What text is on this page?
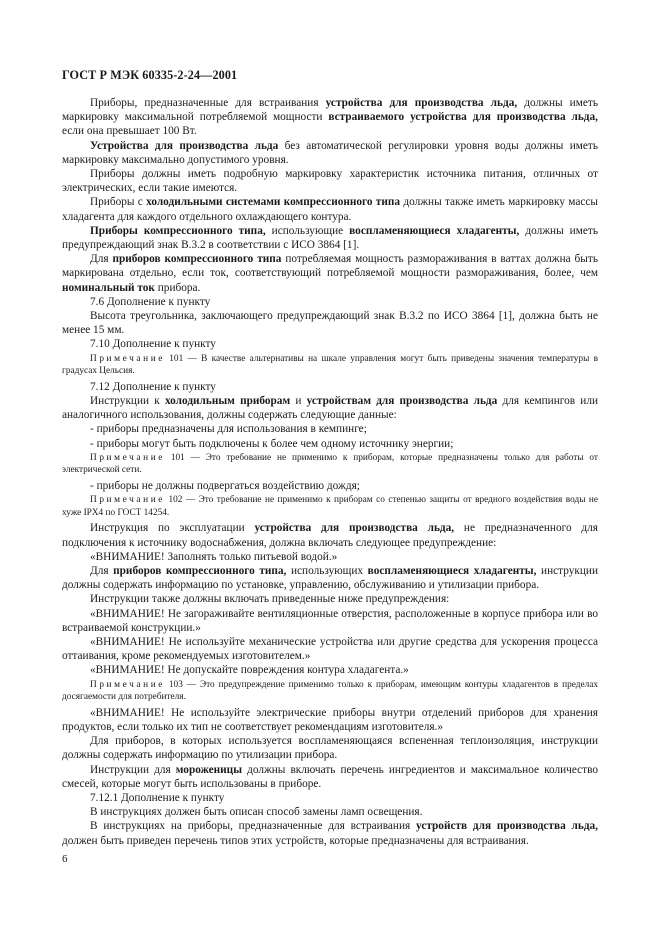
ГОСТ Р МЭК 60335-2-24—2001

Приборы, предназначенные для встраивания устройства для производства льда, должны иметь маркировку максимальной потребляемой мощности встраиваемого устройства для производства льда, если она превышает 100 Вт.

Устройства для производства льда без автоматической регулировки уровня воды должны иметь маркировку максимально допустимого уровня.

Приборы должны иметь подробную маркировку характеристик источника питания, отличных от электрических, если такие имеются.

Приборы с холодильными системами компрессионного типа должны также иметь маркировку массы хладагента для каждого отдельного охлаждающего контура.

Приборы компрессионного типа, использующие воспламеняющиеся хладагенты, должны иметь предупреждающий знак В.3.2 в соответствии с ИСО 3864 [1].

Для приборов компрессионного типа потребляемая мощность размораживания в ваттах должна быть маркирована отдельно, если ток, соответствующий потребляемой мощности размораживания, более, чем номинальный ток прибора.

7.6 Дополнение к пункту

Высота треугольника, заключающего предупреждающий знак В.3.2 по ИСО 3864 [1], должна быть не менее 15 мм.

7.10 Дополнение к пункту

Примечание 101 — В качестве альтернативы на шкале управления могут быть приведены значения температуры в градусах Цельсия.

7.12 Дополнение к пункту

Инструкции к холодильным приборам и устройствам для производства льда для кемпингов или аналогичного использования, должны содержать следующие данные:

- приборы предназначены для использования в кемпинге;

- приборы могут быть подключены к более чем одному источнику энергии;

Примечание 101 — Это требование не применимо к приборам, которые предназначены только для работы от электрической сети.

- приборы не должны подвергаться воздействию дождя;

Примечание 102 — Это требование не применимо к приборам со степенью защиты от вредного воздействия воды не хуже IPX4 по ГОСТ 14254.

Инструкция по эксплуатации устройства для производства льда, не предназначенного для подключения к источнику водоснабжения, должна включать следующее предупреждение:

«ВНИМАНИЕ! Заполнять только питьевой водой.»

Для приборов компрессионного типа, использующих воспламеняющиеся хладагенты, инструкции должны содержать информацию по установке, управлению, обслуживанию и утилизации прибора.

Инструкции также должны включать приведенные ниже предупреждения:

«ВНИМАНИЕ! Не загораживайте вентиляционные отверстия, расположенные в корпусе прибора или во встраиваемой конструкции.»

«ВНИМАНИЕ! Не используйте механические устройства или другие средства для ускорения процесса оттаивания, кроме рекомендуемых изготовителем.»

«ВНИМАНИЕ! Не допускайте повреждения контура хладагента.»

Примечание 103 — Это предупреждение применимо только к приборам, имеющим контуры хладагентов в пределах досягаемости для потребителя.

«ВНИМАНИЕ! Не используйте электрические приборы внутри отделений приборов для хранения продуктов, если только их тип не соответствует рекомендациям изготовителя.»

Для приборов, в которых используется воспламеняющаяся вспененная теплоизоляция, инструкции должны содержать информацию по утилизации прибора.

Инструкции для мороженицы должны включать перечень ингредиентов и максимальное количество смесей, которые могут быть использованы в приборе.

7.12.1 Дополнение к пункту

В инструкциях должен быть описан способ замены ламп освещения.

В инструкциях на приборы, предназначенные для встраивания устройств для производства льда, должен быть приведен перечень типов этих устройств, которые предназначены для встраивания.

6
